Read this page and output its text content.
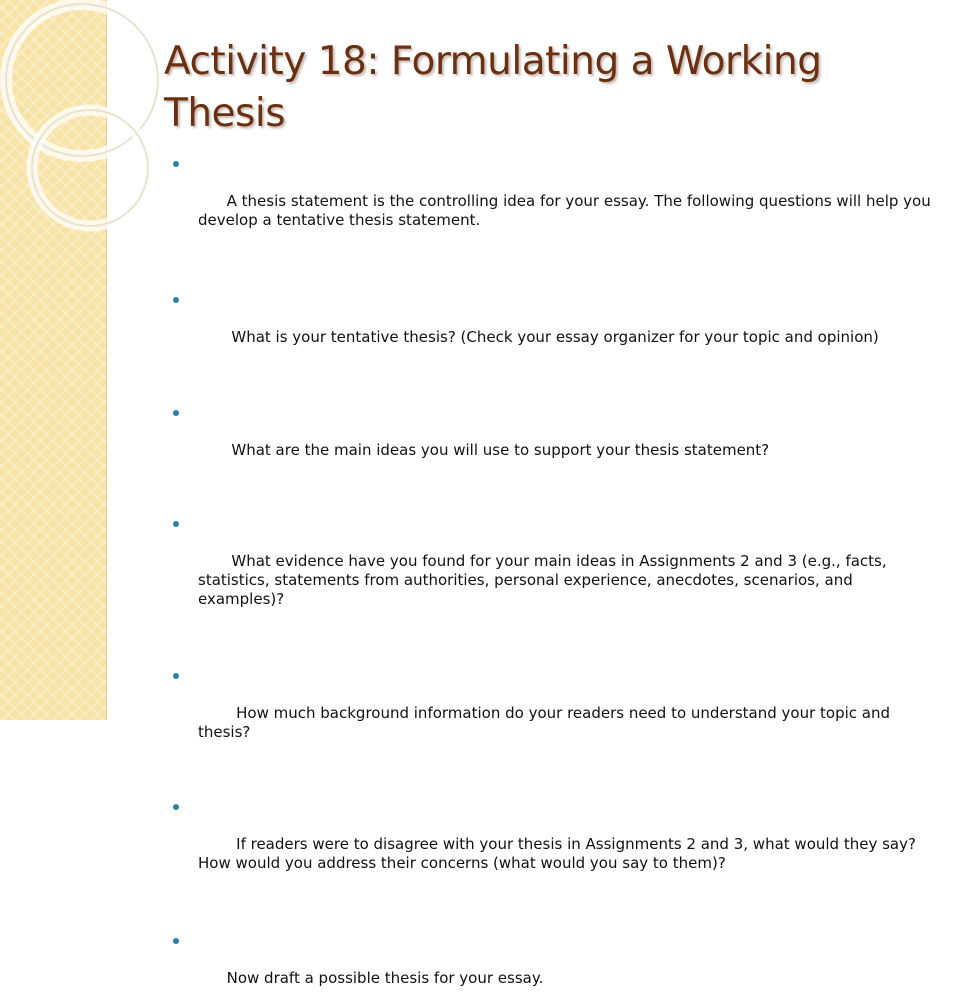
Activity 18: Formulating a Working Thesis

A thesis statement is the controlling idea for your essay. The following questions will help you develop a tentative thesis statement.

What is your tentative thesis? (Check your essay organizer for your topic and opinion)

What are the main ideas you will use to support your thesis statement?

What evidence have you found for your main ideas in Assignments 2 and 3 (e.g., facts, statistics, statements from authorities, personal experience, anecdotes, scenarios, and examples)?

How much background information do your readers need to understand your topic and thesis?

If readers were to disagree with your thesis in Assignments 2 and 3, what would they say? How would you address their concerns (what would you say to them)?

Now draft a possible thesis for your essay.
